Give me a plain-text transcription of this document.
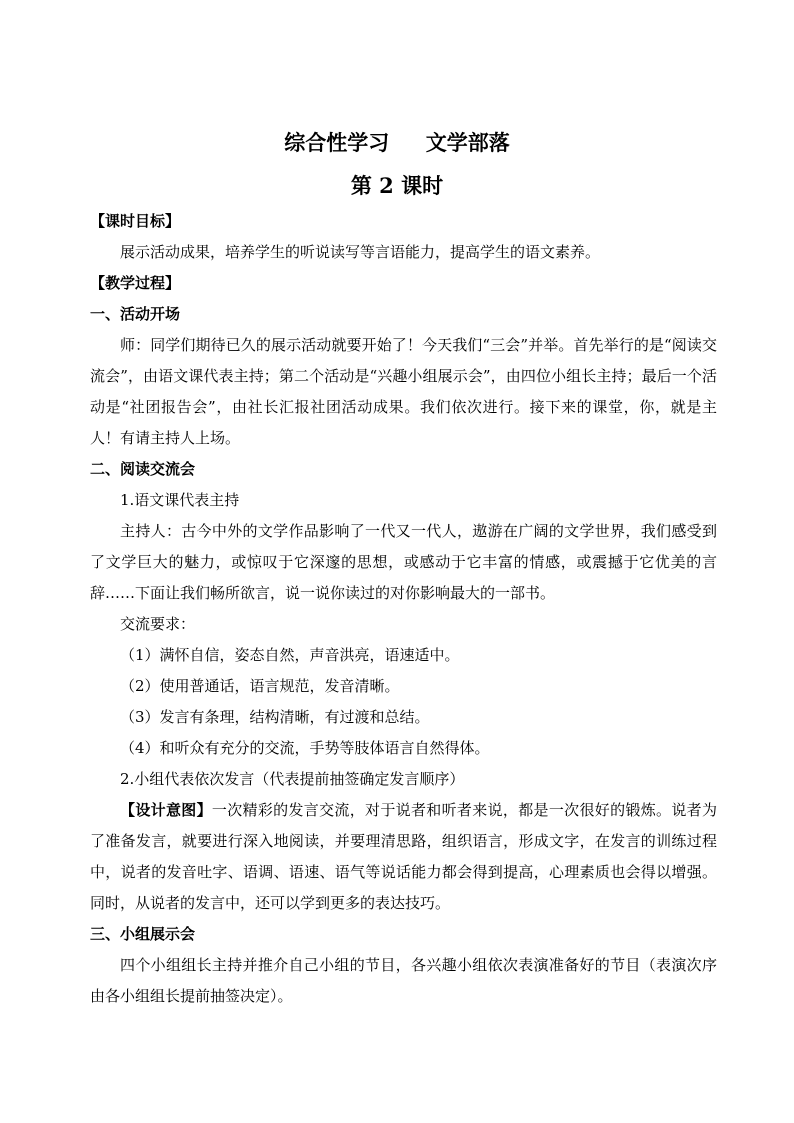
综合性学习     文学部落
第 2 课时

【课时目标】

展示活动成果，培养学生的听说读写等言语能力，提高学生的语文素养。

【教学过程】

一、活动开场

师：同学们期待已久的展示活动就要开始了！今天我们“三会”并举。首先举行的是“阅读交流会”，由语文课代表主持；第二个活动是“兴趣小组展示会”，由四位小组长主持；最后一个活动是“社团报告会”，由社长汇报社团活动成果。我们依次进行。接下来的课堂，你，就是主人！有请主持人上场。

二、阅读交流会

1.语文课代表主持

主持人：古今中外的文学作品影响了一代又一代人，遨游在广阔的文学世界，我们感受到了文学巨大的魅力，或惊叹于它深邃的思想，或感动于它丰富的情感，或震撼于它优美的言辞……下面让我们畅所欲言，说一说你读过的对你影响最大的一部书。

交流要求：

（1）满怀自信，姿态自然，声音洪亮，语速适中。

（2）使用普通话，语言规范，发音清晰。

（3）发言有条理，结构清晰，有过渡和总结。

（4）和听众有充分的交流，手势等肢体语言自然得体。

2.小组代表依次发言（代表提前抽签确定发言顺序）

【设计意图】一次精彩的发言交流，对于说者和听者来说，都是一次很好的锻炼。说者为了准备发言，就要进行深入地阅读，并要理清思路，组织语言，形成文字，在发言的训练过程中，说者的发音吐字、语调、语速、语气等说话能力都会得到提高，心理素质也会得以增强。同时，从说者的发言中，还可以学到更多的表达技巧。

三、小组展示会

四个小组组长主持并推介自己小组的节目，各兴趣小组依次表演准备好的节目（表演次序由各小组组长提前抽签决定）。
